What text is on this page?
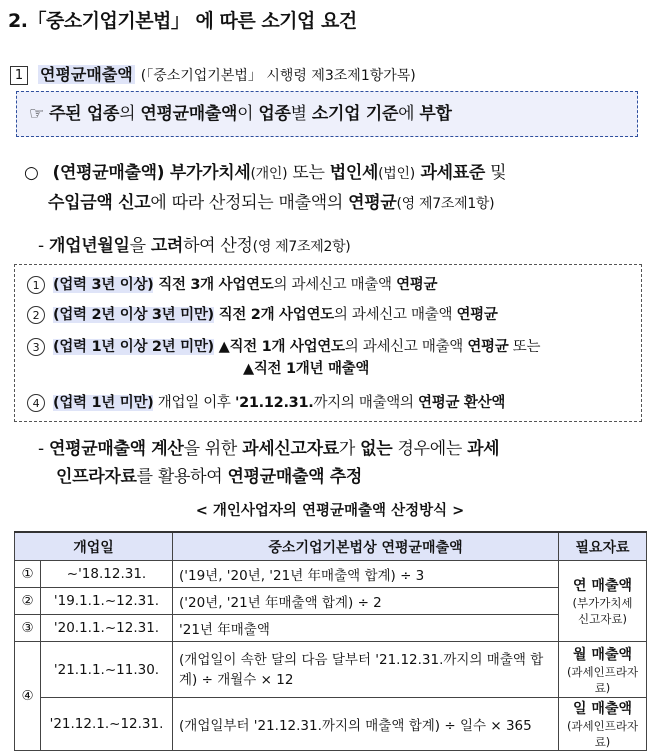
2.「중소기업기본법」 에 따른 소기업 요건
1 연평균매출액 (「중소기업기본법」 시행령 제3조제1항가목)
☞ 주된 업종의 연평균매출액이 업종별 소기업 기준에 부합
○ (연평균매출액) 부가가치세(개인) 또는 법인세(법인) 과세표준 및
수입금액 신고에 따라 산정되는 매출액의 연평균(영 제7조제1항)
- 개업년월일을 고려하여 산정(영 제7조제2항)
1 (업력 3년 이상) 직전 3개 사업연도의 과세신고 매출액 연평균
2 (업력 2년 이상 3년 미만) 직전 2개 사업연도의 과세신고 매출액 연평균
3 (업력 1년 이상 2년 미만) ▲직전 1개 사업연도의 과세신고 매출액 연평균 또는
▲직전 1개년 매출액
4 (업력 1년 미만) 개업일 이후 '21.12.31.까지의 매출액의 연평균 환산액
- 연평균매출액 계산을 위한 과세신고자료가 없는 경우에는 과세
인프라자료를 활용하여 연평균매출액 추정
< 개인사업자의 연평균매출액 산정방식 >
개업일		중소기업기본법상 연평균매출액	필요자료
①	~'18.12.31.	('19년, '20년, '21년 年매출액 합계) ÷ 3	연 매출액
(부가가치세
신고자료)
②	'19.1.1.~12.31.	('20년, '21년 年매출액 합계) ÷ 2	
③	'20.1.1.~12.31.	'21년 年매출액	
④	'21.1.1.~11.30.	(개업일이 속한 달의 다음 달부터 '21.12.31.까지의 매출액 합계) ÷ 개월수 × 12	월 매출액
(과세인프라자료)
	'21.12.1.~12.31.	(개업일부터 '21.12.31.까지의 매출액 합계) ÷ 일수 × 365	일 매출액
(과세인프라자료)
